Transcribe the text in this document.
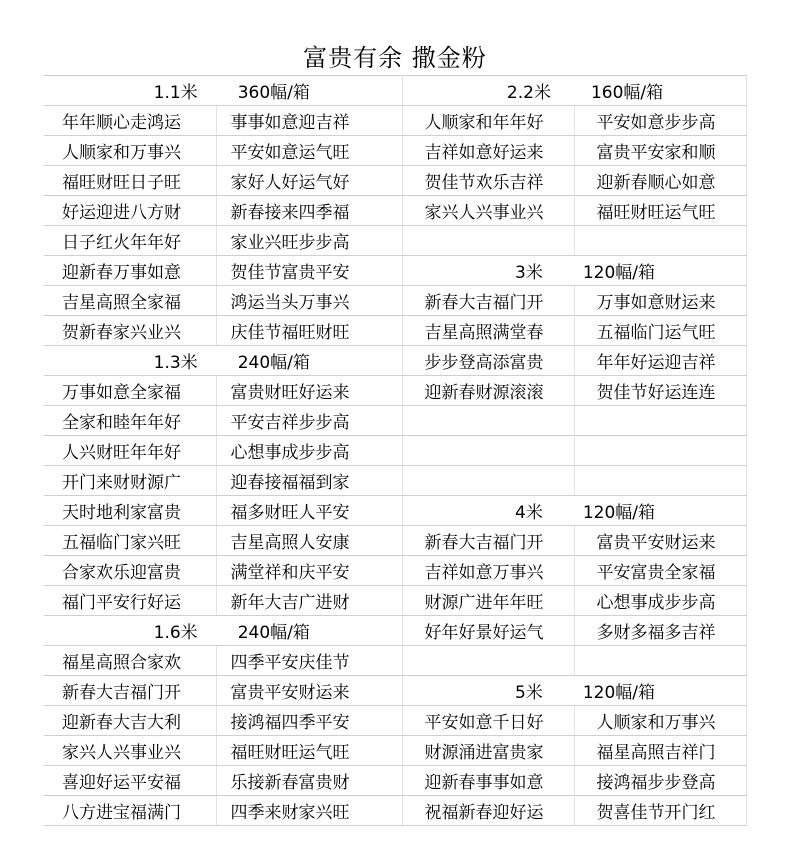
富贵有余 撒金粉
1.1米 360幅/箱		2.2米 160幅/箱	
年年顺心走鸿运	事事如意迎吉祥	人顺家和年年好	平安如意步步高
人顺家和万事兴	平安如意运气旺	吉祥如意好运来	富贵平安家和顺
福旺财旺日子旺	家好人好运气好	贺佳节欢乐吉祥	迎新春顺心如意
好运迎进八方财	新春接来四季福	家兴人兴事业兴	福旺财旺运气旺
日子红火年年好	家业兴旺步步高		
迎新春万事如意	贺佳节富贵平安	3米 120幅/箱	
吉星高照全家福	鸿运当头万事兴	新春大吉福门开	万事如意财运来
贺新春家兴业兴	庆佳节福旺财旺	吉星高照满堂春	五福临门运气旺
1.3米 240幅/箱		步步登高添富贵	年年好运迎吉祥
万事如意全家福	富贵财旺好运来	迎新春财源滚滚	贺佳节好运连连
全家和睦年年好	平安吉祥步步高		
人兴财旺年年好	心想事成步步高		
开门来财财源广	迎春接福福到家		
天时地利家富贵	福多财旺人平安	4米 120幅/箱	
五福临门家兴旺	吉星高照人安康	新春大吉福门开	富贵平安财运来
合家欢乐迎富贵	满堂祥和庆平安	吉祥如意万事兴	平安富贵全家福
福门平安行好运	新年大吉广进财	财源广进年年旺	心想事成步步高
1.6米 240幅/箱		好年好景好运气	多财多福多吉祥
福星高照合家欢	四季平安庆佳节		
新春大吉福门开	富贵平安财运来	5米 120幅/箱	
迎新春大吉大利	接鸿福四季平安	平安如意千日好	人顺家和万事兴
家兴人兴事业兴	福旺财旺运气旺	财源涌进富贵家	福星高照吉祥门
喜迎好运平安福	乐接新春富贵财	迎新春事事如意	接鸿福步步登高
八方进宝福满门	四季来财家兴旺	祝福新春迎好运	贺喜佳节开门红
